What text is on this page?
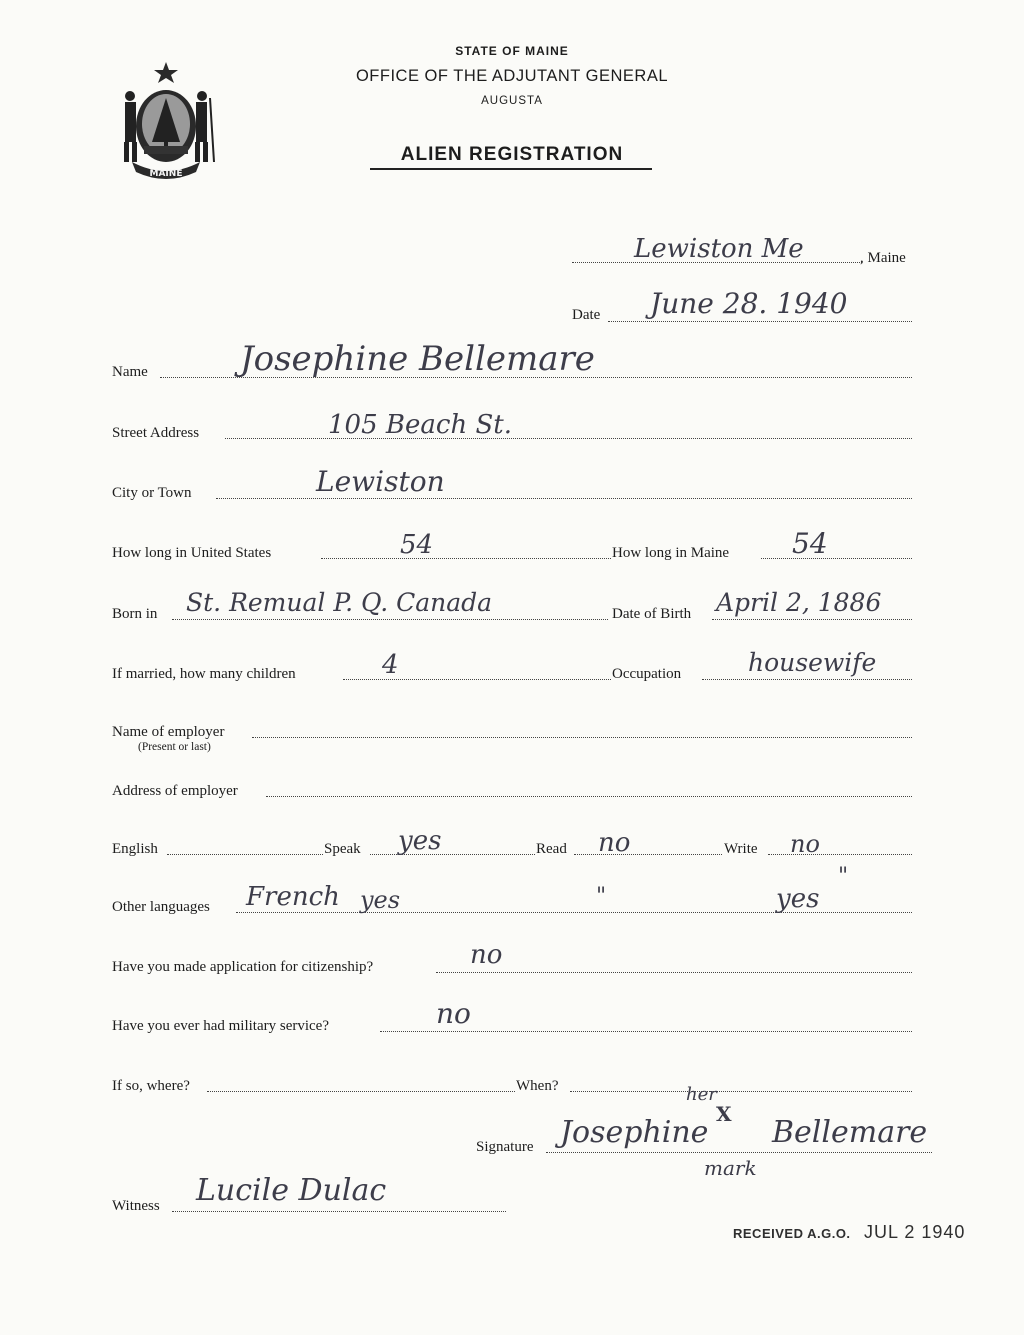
MAINE
STATE OF MAINE
OFFICE OF THE ADJUTANT GENERAL
AUGUSTA
ALIEN REGISTRATION
Lewiston Me	, Maine
Date June 28. 1940
Name	Josephine Bellemare
Street Address	105 Beach St.
City or Town	Lewiston
How long in United States	54	How long in Maine 54
Born in St. Remual P. Q. Canada	Date of Birth April 2, 1886
If married, how many children	4	Occupation	housewife
Name of employer
(Present or last)
Address of employer
English	Speak yes	Read no	Write no
Other languages French yes	"	yes
"
Have you made application for citizenship?	no
Have you ever had military service?	no
If so, where?	When?
Signature Josephine
her
X
Bellemare
mark
Witness Lucile Dulac
RECEIVED A.G.O. JUL 2 1940
